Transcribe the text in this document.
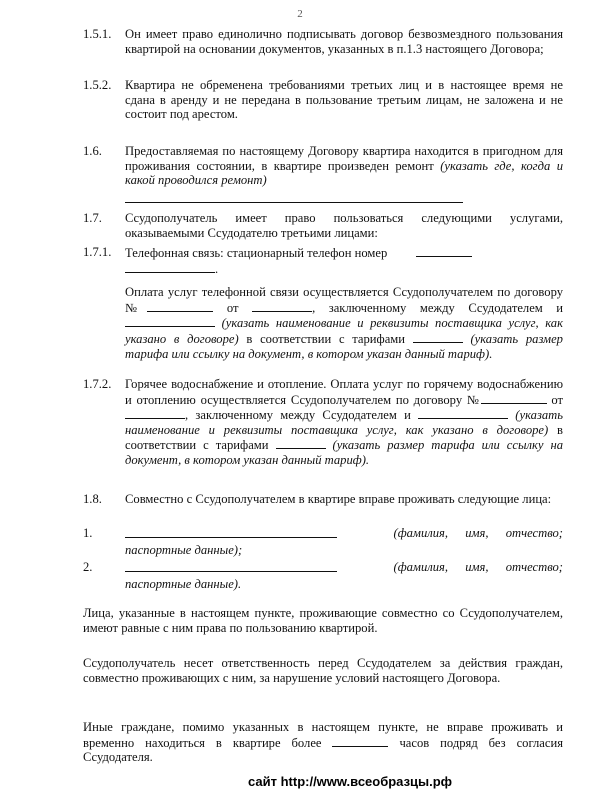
2
1.5.1. Он имеет право единолично подписывать договор безвозмездного пользования квартирой на основании документов, указанных в п.1.3 настоящего Договора;
1.5.2. Квартира не обременена требованиями третьих лиц и в настоящее время не сдана в аренду и не передана в пользование третьим лицам, не заложена и не состоит под арестом.
1.6. Предоставляемая по настоящему Договору квартира находится в пригодном для проживания состоянии, в квартире произведен ремонт (указать где, когда и какой проводился ремонт)
1.7. Ссудополучатель имеет право пользоваться следующими услугами, оказываемыми Ссудодателю третьими лицами:
1.7.1. Телефонная связь: стационарный телефон номер
.
Оплата услуг телефонной связи осуществляется Ссудополучателем по договору №	от	, заключенному между Ссудодателем и  (указать наименование и реквизиты поставщика услуг, как указано в договоре) в соответствии с тарифами	(указать размер тарифа или ссылку на документ, в котором указан данный тариф).
1.7.2. Горячее водоснабжение и отопление. Оплата услуг по горячему водоснабжению и отоплению осуществляется Ссудополучателем по договору №	от , заключенному между Ссудодателем и	(указать наименование и реквизиты поставщика услуг, как указано в договоре) в соответствии с тарифами	(указать размер тарифа или ссылку на документ, в котором указан данный тариф).
1.8. Совместно с Ссудополучателем в квартире вправе проживать следующие лица:
1.	(фамилия, имя, отчество;
паспортные данные);
2.	(фамилия, имя, отчество;
паспортные данные).
Лица, указанные в настоящем пункте, проживающие совместно со Ссудополучателем, имеют равные с ним права по пользованию квартирой.
Ссудополучатель несет ответственность перед Ссудодателем за действия граждан, совместно проживающих с ним, за нарушение условий настоящего Договора.
Иные граждане, помимо указанных в настоящем пункте, не вправе проживать и временно находиться в квартире более	часов подряд без согласия Ссудодателя.
сайт http://www.всеобразцы.рф
